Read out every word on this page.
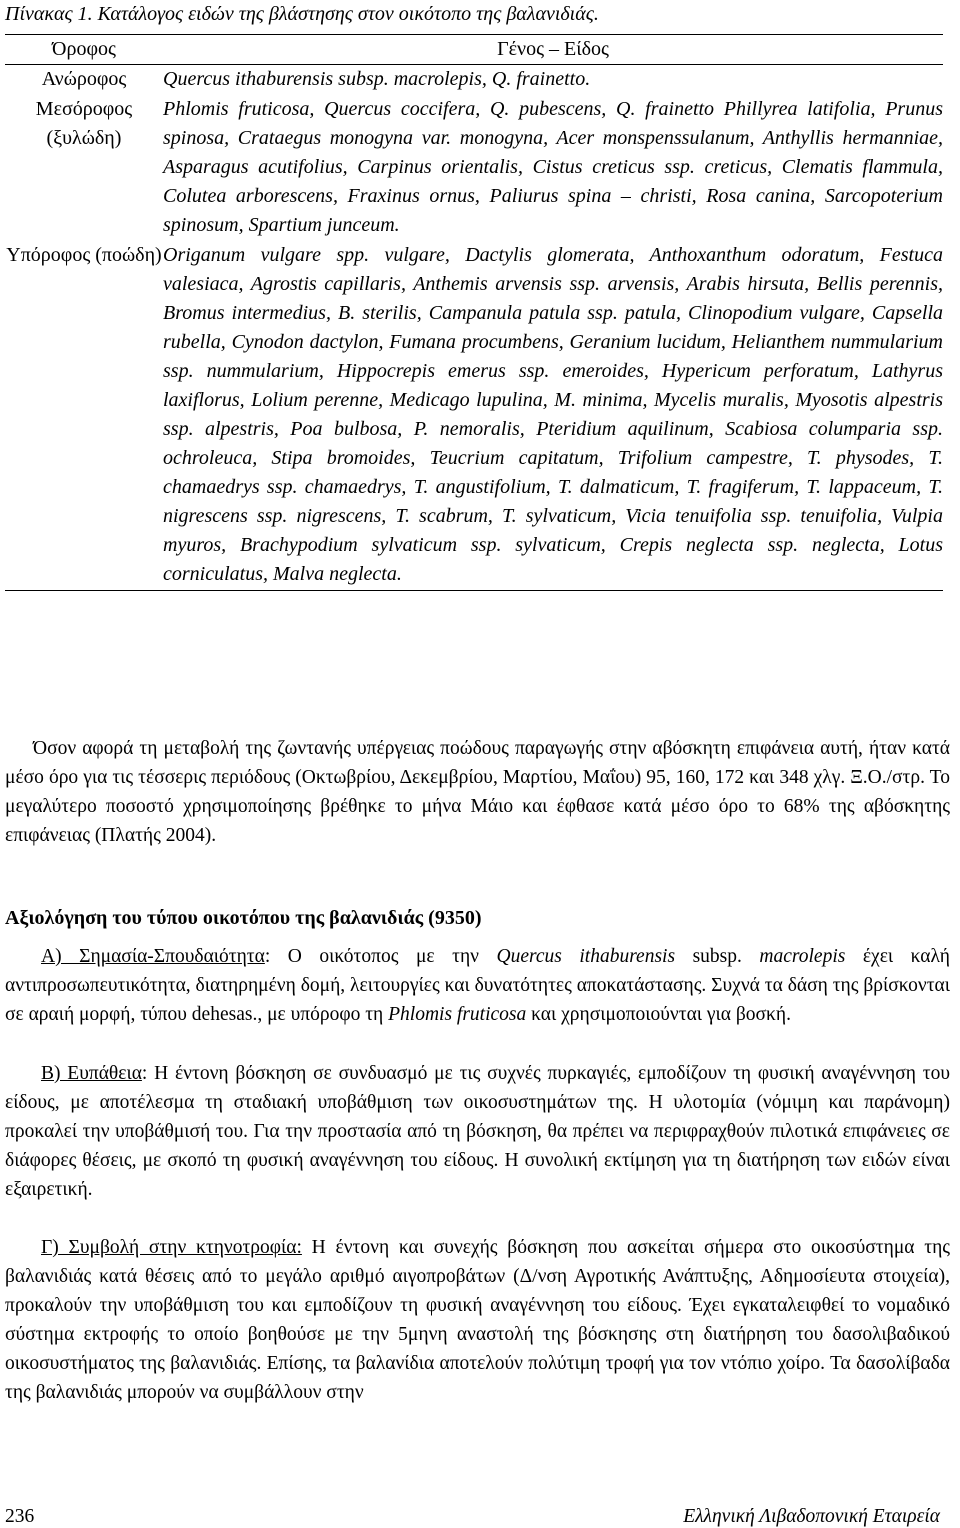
Πίνακας 1. Κατάλογος ειδών της βλάστησης στον οικότοπο της βαλανιδιάς.
Όροφος	Γένος – Είδος
Ανώροφος	Quercus ithaburensis subsp. macrolepis, Q. frainetto.
Μεσόροφος (ξυλώδη)	Phlomis fruticosa, Quercus coccifera, Q. pubescens, Q. frainetto Phillyrea latifolia, Prunus spinosa, Crataegus monogyna var. monogyna, Acer monspenssulanum, Anthyllis hermanniae, Asparagus acutifolius, Carpinus orientalis, Cistus creticus ssp. creticus, Clematis flammula, Colutea arborescens, Fraxinus ornus, Paliurus spina – christi, Rosa canina, Sarcopoterium spinosum, Spartium junceum.
Υπόροφος (ποώδη)	Origanum vulgare spp. vulgare, Dactylis glomerata, Anthoxanthum odoratum, Festuca valesiaca, Agrostis capillaris, Anthemis arvensis ssp. arvensis, Arabis hirsuta, Bellis perennis, Bromus intermedius, B. sterilis, Campanula patula ssp. patula, Clinopodium vulgare, Capsella rubella, Cynodon dactylon, Fumana procumbens, Geranium lucidum, Helianthem nummularium ssp. nummularium, Hippocrepis emerus ssp. emeroides, Hypericum perforatum, Lathyrus laxiflorus, Lolium perenne, Medicago lupulina, M. minima, Mycelis muralis, Myosotis alpestris ssp. alpestris, Poa bulbosa, P. nemoralis, Pteridium aquilinum, Scabiosa columparia ssp. ochroleuca, Stipa bromoides, Teucrium capitatum, Trifolium campestre, T. physodes, T. chamaedrys ssp. chamaedrys, T. angustifolium, T. dalmaticum, T. fragiferum, T. lappaceum, T. nigrescens ssp. nigrescens, T. scabrum, T. sylvaticum, Vicia tenuifolia ssp. tenuifolia, Vulpia myuros, Brachypodium sylvaticum ssp. sylvaticum, Crepis neglecta ssp. neglecta, Lotus corniculatus, Malva neglecta.

Όσον αφορά τη μεταβολή της ζωντανής υπέργειας ποώδους παραγωγής στην αβόσκητη επιφάνεια αυτή, ήταν κατά μέσο όρο για τις τέσσερις περιόδους (Οκτωβρίου, Δεκεμβρίου, Μαρτίου, Μαΐου) 95, 160, 172 και 348 χλγ. Ξ.Ο./στρ. Το μεγαλύτερο ποσοστό χρησιμοποίησης βρέθηκε το μήνα Μάιο και έφθασε κατά μέσο όρο το 68% της αβόσκητης επιφάνειας (Πλατής 2004).

Αξιολόγηση του τύπου οικοτόπου της βαλανιδιάς (9350)

Α) Σημασία-Σπουδαιότητα: Ο οικότοπος με την Quercus ithaburensis subsp. macrolepis έχει καλή αντιπροσωπευτικότητα, διατηρημένη δομή, λειτουργίες και δυνατότητες αποκατάστασης. Συχνά τα δάση της βρίσκονται σε αραιή μορφή, τύπου dehesas., με υπόροφο τη Phlomis fruticosa και χρησιμοποιούνται για βοσκή.

Β) Ευπάθεια: Η έντονη βόσκηση σε συνδυασμό με τις συχνές πυρκαγιές, εμποδίζουν τη φυσική αναγέννηση του είδους, με αποτέλεσμα τη σταδιακή υποβάθμιση των οικοσυστημάτων της. Η υλοτομία (νόμιμη και παράνομη) προκαλεί την υποβάθμισή του. Για την προστασία από τη βόσκηση, θα πρέπει να περιφραχθούν πιλοτικά επιφάνειες σε διάφορες θέσεις, με σκοπό τη φυσική αναγέννηση του είδους. Η συνολική εκτίμηση για τη διατήρηση των ειδών είναι εξαιρετική.

Γ) Συμβολή στην κτηνοτροφία: Η έντονη και συνεχής βόσκηση που ασκείται σήμερα στο οικοσύστημα της βαλανιδιάς κατά θέσεις από το μεγάλο αριθμό αιγοπροβάτων (Δ/νση Αγροτικής Ανάπτυξης, Αδημοσίευτα στοιχεία), προκαλούν την υποβάθμιση του και εμποδίζουν τη φυσική αναγέννηση του είδους. Έχει εγκαταλειφθεί το νομαδικό σύστημα εκτροφής το οποίο βοηθούσε με την 5μηνη αναστολή της βόσκησης στη διατήρηση του δασολιβαδικού οικοσυστήματος της βαλανιδιάς. Επίσης, τα βαλανίδια αποτελούν πολύτιμη τροφή για τον ντόπιο χοίρο. Τα δασολίβαδα της βαλανιδιάς μπορούν να συμβάλλουν στην

236	Ελληνική Λιβαδοπονική Εταιρεία
